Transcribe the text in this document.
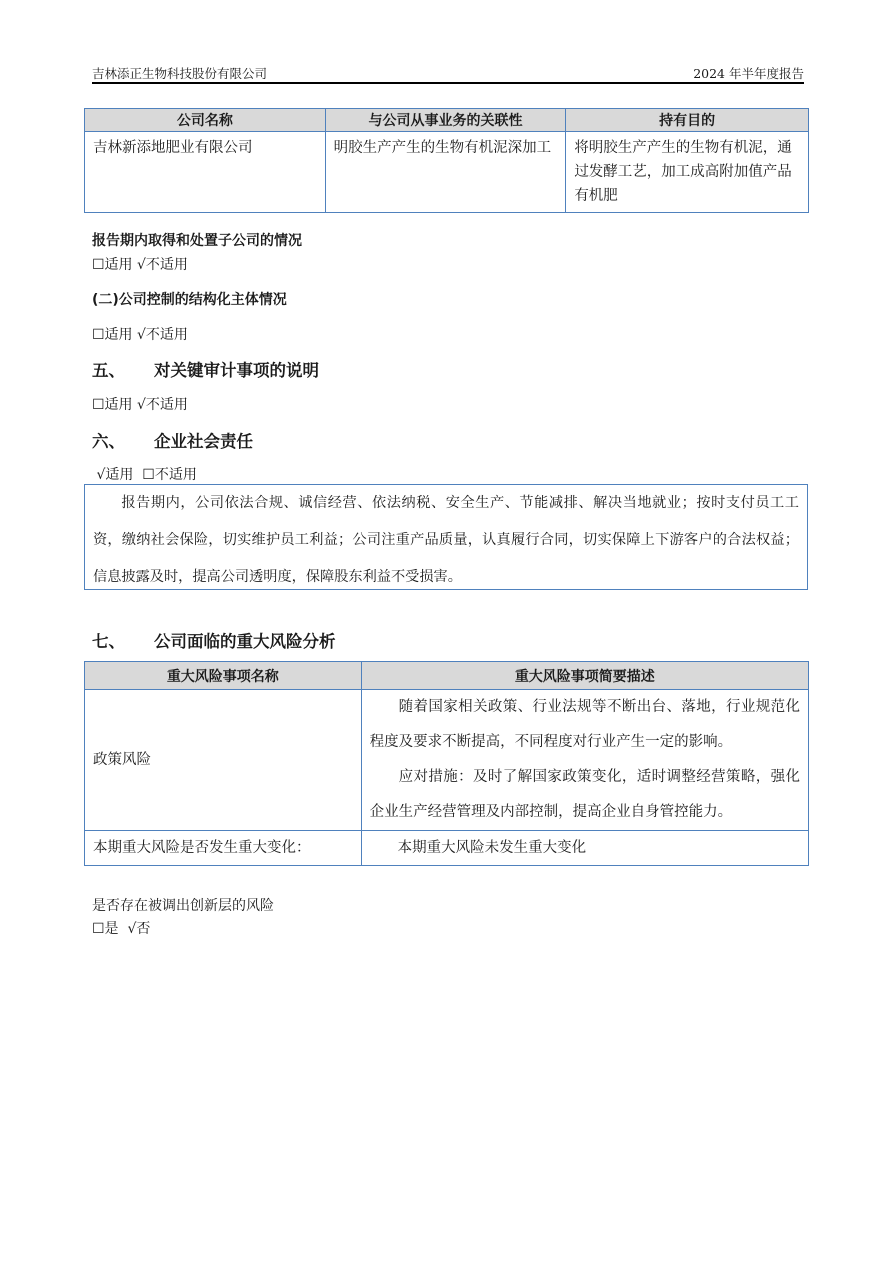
吉林添正生物科技股份有限公司	2024 年半年度报告
公司名称	与公司从事业务的关联性	持有目的
吉林新添地肥业有限公司	明胶生产产生的生物有机泥深加工	将明胶生产产生的生物有机泥，通过发酵工艺，加工成高附加值产品有机肥
报告期内取得和处置子公司的情况
☐适用 √不适用
(二)公司控制的结构化主体情况
☐适用 √不适用
五、 对关键审计事项的说明
☐适用 √不适用
六、 企业社会责任
√适用  ☐不适用
报告期内，公司依法合规、诚信经营、依法纳税、安全生产、节能减排、解决当地就业；按时支付员工工资，缴纳社会保险，切实维护员工利益；公司注重产品质量，认真履行合同，切实保障上下游客户的合法权益；信息披露及时，提高公司透明度，保障股东利益不受损害。
七、 公司面临的重大风险分析
重大风险事项名称	重大风险事项简要描述
政策风险	随着国家相关政策、行业法规等不断出台、落地，行业规范化程度及要求不断提高，不同程度对行业产生一定的影响。

应对措施：及时了解国家政策变化，适时调整经营策略，强化企业生产经营管理及内部控制，提高企业自身管控能力。

本期重大风险是否发生重大变化：	本期重大风险未发生重大变化
是否存在被调出创新层的风险
☐是  √否
